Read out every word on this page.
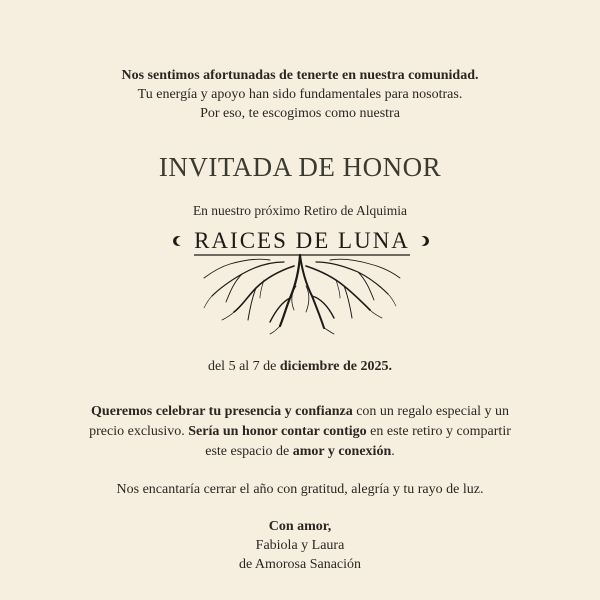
Nos sentimos afortunadas de tenerte en nuestra comunidad.
Tu energía y apoyo han sido fundamentales para nosotras.
Por eso, te escogimos como nuestra
INVITADA DE HONOR
En nuestro próximo Retiro de Alquimia
RAICES DE LUNA
del 5 al 7 de diciembre de 2025.
Queremos celebrar tu presencia y confianza con un regalo especial y un precio exclusivo. Sería un honor contar contigo en este retiro y compartir este espacio de amor y conexión.
Nos encantaría cerrar el año con gratitud, alegría y tu rayo de luz.
Con amor,
Fabiola y Laura
de Amorosa Sanación
